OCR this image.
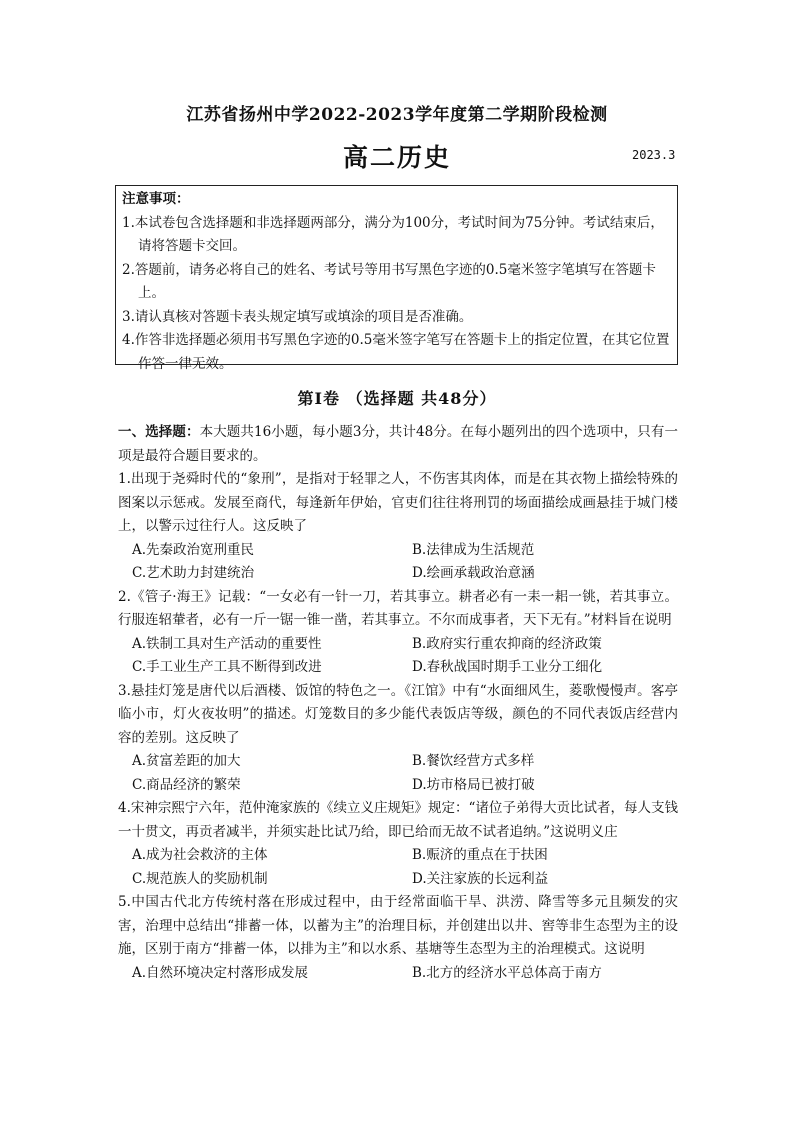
江苏省扬州中学2022-2023学年度第二学期阶段检测
高二历史	2023.3
注意事项：
1.本试卷包含选择题和非选择题两部分，满分为100分，考试时间为75分钟。考试结束后，请将答题卡交回。
2.答题前，请务必将自己的姓名、考试号等用书写黑色字迹的0.5毫米签字笔填写在答题卡上。
3.请认真核对答题卡表头规定填写或填涂的项目是否准确。
4.作答非选择题必须用书写黑色字迹的0.5毫米签字笔写在答题卡上的指定位置，在其它位置作答一律无效。
第Ⅰ卷 （选择题 共48分）
一、选择题：本大题共16小题，每小题3分，共计48分。在每小题列出的四个选项中，只有一项是最符合题目要求的。
1.出现于尧舜时代的“象刑”，是指对于轻罪之人，不伤害其肉体，而是在其衣物上描绘特殊的图案以示惩戒。发展至商代，每逢新年伊始，官吏们往往将刑罚的场面描绘成画悬挂于城门楼上，以警示过往行人。这反映了
A.先秦政治宽刑重民	B.法律成为生活规范
C.艺术助力封建统治	D.绘画承载政治意涵
2.《管子·海王》记载：“一女必有一针一刀，若其事立。耕者必有一耒一耜一铫，若其事立。行服连轺輂者，必有一斤一锯一锥一凿，若其事立。不尔而成事者，天下无有。”材料旨在说明
A.铁制工具对生产活动的重要性	B.政府实行重农抑商的经济政策
C.手工业生产工具不断得到改进	D.春秋战国时期手工业分工细化
3.悬挂灯笼是唐代以后酒楼、饭馆的特色之一。《江馆》中有“水面细风生，菱歌慢慢声。客亭临小市，灯火夜妆明”的描述。灯笼数目的多少能代表饭店等级，颜色的不同代表饭店经营内容的差别。这反映了
A.贫富差距的加大	B.餐饮经营方式多样
C.商品经济的繁荣	D.坊市格局已被打破
4.宋神宗熙宁六年，范仲淹家族的《续立义庄规矩》规定：“诸位子弟得大贡比试者，每人支钱一十贯文，再贡者减半，并须实赴比试乃给，即已给而无故不试者追纳。”这说明义庄
A.成为社会救济的主体	B.赈济的重点在于扶困
C.规范族人的奖励机制	D.关注家族的长远利益
5.中国古代北方传统村落在形成过程中，由于经常面临干旱、洪涝、降雪等多元且频发的灾害，治理中总结出“排蓄一体，以蓄为主”的治理目标，并创建出以井、窖等非生态型为主的设施，区别于南方“排蓄一体，以排为主”和以水系、基塘等生态型为主的治理模式。这说明
A.自然环境决定村落形成发展	B.北方的经济水平总体高于南方
